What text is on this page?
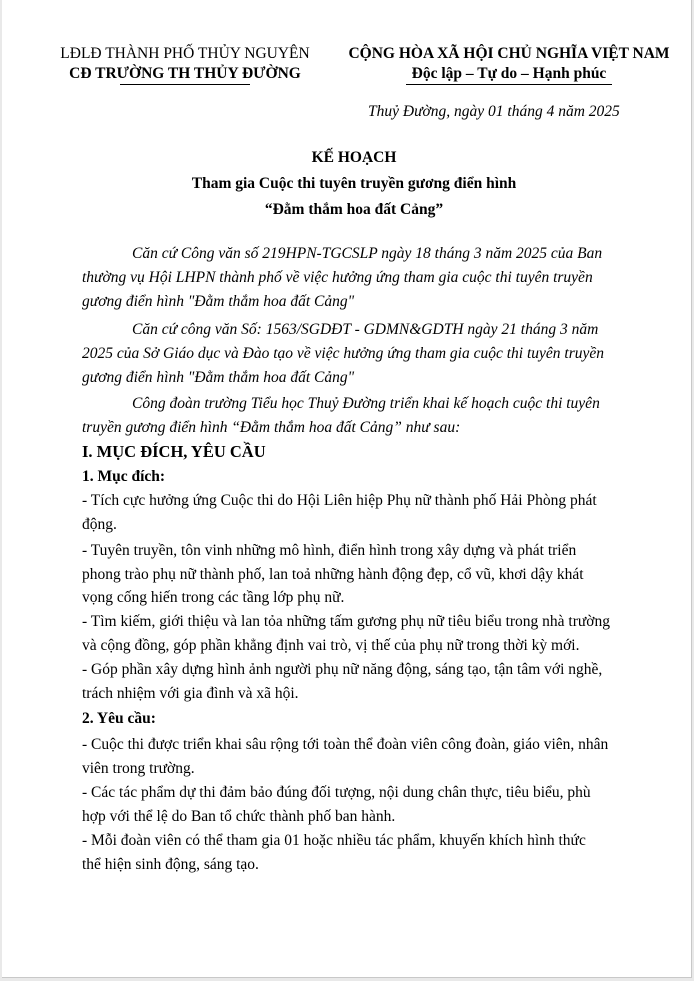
LĐLĐ THÀNH PHỐ THỦY NGUYÊN
CĐ TRƯỜNG TH THỦY ĐƯỜNG
CỘNG HÒA XÃ HỘI CHỦ NGHĨA VIỆT NAM
Độc lập – Tự do – Hạnh phúc
Thuỷ Đường, ngày 01 tháng 4 năm 2025
KẾ HOẠCH
Tham gia Cuộc thi tuyên truyền gương điển hình
“Đằm thắm hoa đất Cảng”
Căn cứ Công văn số 219HPN-TGCSLP ngày 18 tháng 3 năm 2025 của Ban
thường vụ Hội LHPN thành phố về việc hưởng ứng tham gia cuộc thi tuyên truyền
gương điển hình "Đằm thắm hoa đất Cảng"
Căn cứ công văn Số: 1563/SGDĐT - GDMN&GDTH ngày 21 tháng 3 năm
2025 của Sở Giáo dục và Đào tạo về việc hưởng ứng tham gia cuộc thi tuyên truyền
gương điển hình "Đằm thắm hoa đất Cảng"
Công đoàn trường Tiểu học Thuỷ Đường triển khai kế hoạch cuộc thi tuyên
truyền gương điển hình “Đằm thắm hoa đất Cảng” như sau:
I. MỤC ĐÍCH, YÊU CẦU
1. Mục đích:
- Tích cực hưởng ứng Cuộc thi do Hội Liên hiệp Phụ nữ thành phố Hải Phòng phát
động.
- Tuyên truyền, tôn vinh những mô hình, điển hình trong xây dựng và phát triển
phong trào phụ nữ thành phố, lan toả những hành động đẹp, cổ vũ, khơi dậy khát
vọng cống hiến trong các tầng lớp phụ nữ.
- Tìm kiếm, giới thiệu và lan tỏa những tấm gương phụ nữ tiêu biểu trong nhà trường
và cộng đồng, góp phần khẳng định vai trò, vị thế của phụ nữ trong thời kỳ mới.
- Góp phần xây dựng hình ảnh người phụ nữ năng động, sáng tạo, tận tâm với nghề,
trách nhiệm với gia đình và xã hội.
2. Yêu cầu:
- Cuộc thi được triển khai sâu rộng tới toàn thể đoàn viên công đoàn, giáo viên, nhân
viên trong trường.
- Các tác phẩm dự thi đảm bảo đúng đối tượng, nội dung chân thực, tiêu biểu, phù
hợp với thể lệ do Ban tổ chức thành phố ban hành.
- Mỗi đoàn viên có thể tham gia 01 hoặc nhiều tác phẩm, khuyến khích hình thức
thể hiện sinh động, sáng tạo.
